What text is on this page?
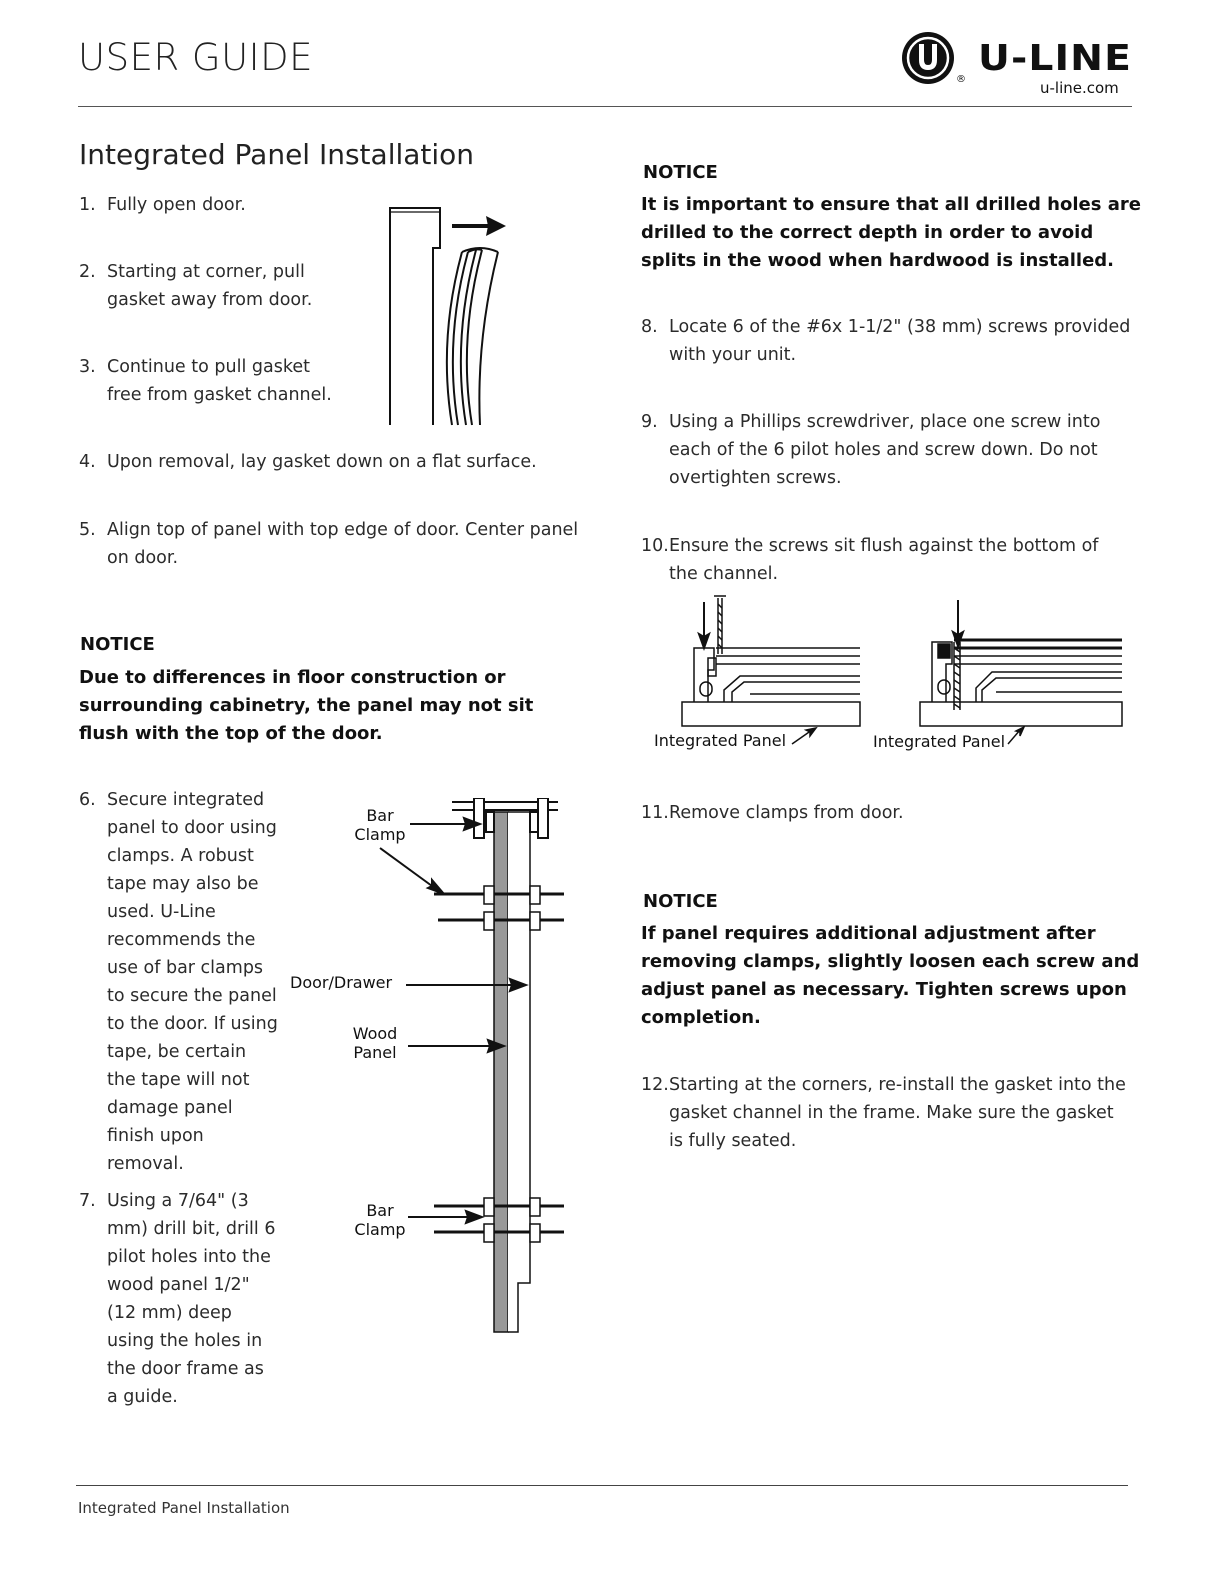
USER GUIDE
®
U-LINE
u-line.com
Integrated Panel Installation
1. Fully open door.
2. Starting at corner, pull gasket away from door.
3. Continue to pull gasket free from gasket channel.
4. Upon removal, lay gasket down on a flat surface.
5. Align top of panel with top edge of door. Center panel on door.
NOTICE
Due to differences in floor construction or surrounding cabinetry, the panel may not sit flush with the top of the door.
6. Secure integrated panel to door using clamps. A robust tape may also be used. U-Line recommends the use of bar clamps to secure the panel to the door. If using tape, be certain the tape will not damage panel finish upon removal.
7. Using a 7/64" (3 mm) drill bit, drill 6 pilot holes into the wood panel 1/2" (12 mm) deep using the holes in the door frame as a guide.
Bar Clamp
Door/Drawer
Wood Panel
Bar Clamp
NOTICE
It is important to ensure that all drilled holes are drilled to the correct depth in order to avoid splits in the wood when hardwood is installed.
8. Locate 6 of the #6x 1-1/2" (38 mm) screws provided with your unit.
9. Using a Phillips screwdriver, place one screw into each of the 6 pilot holes and screw down. Do not overtighten screws.
10. Ensure the screws sit flush against the bottom of the channel.
Integrated Panel	Integrated Panel
11. Remove clamps from door.
NOTICE
If panel requires additional adjustment after removing clamps, slightly loosen each screw and adjust panel as necessary. Tighten screws upon completion.
12. Starting at the corners, re-install the gasket into the gasket channel in the frame. Make sure the gasket is fully seated.
Integrated Panel Installation
